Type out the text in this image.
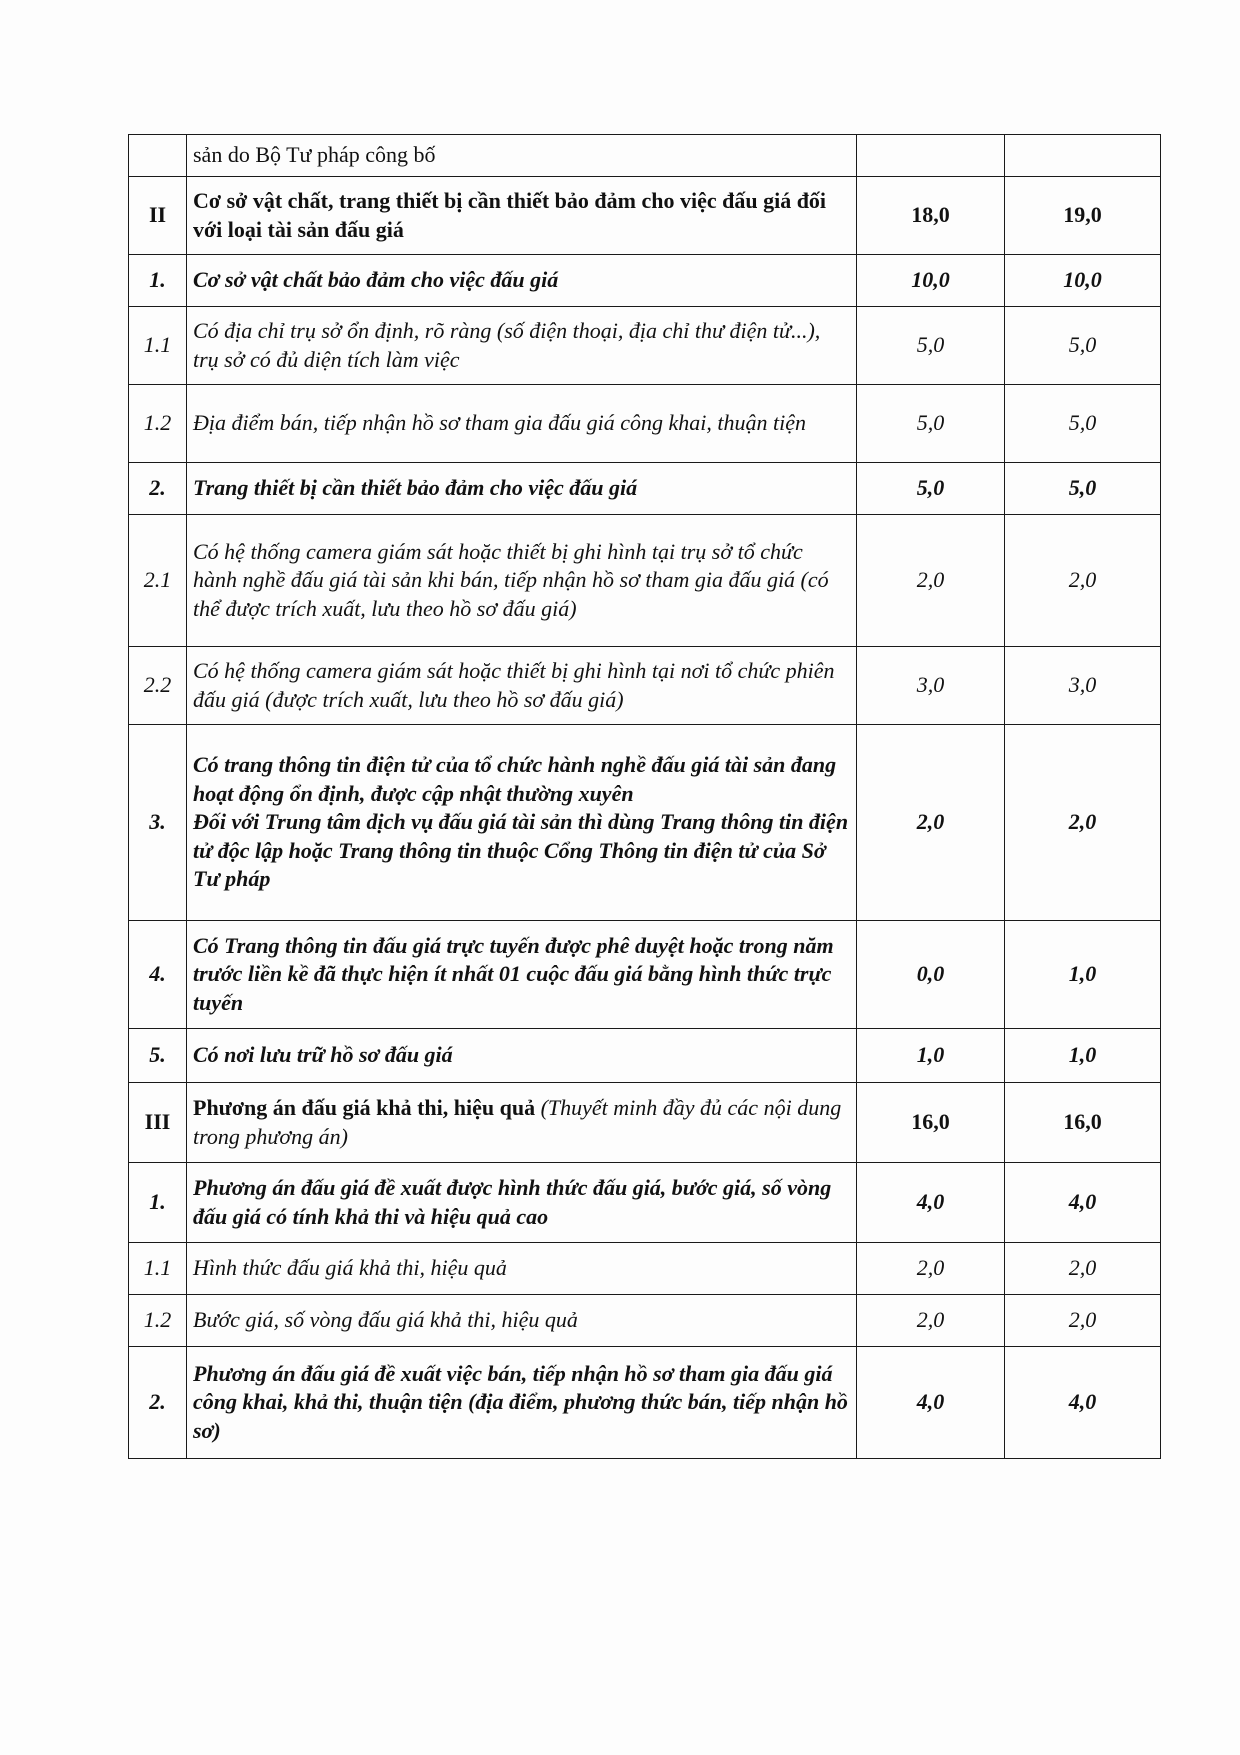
	sản do Bộ Tư pháp công bố		
II	Cơ sở vật chất, trang thiết bị cần thiết bảo đảm cho việc đấu giá đối với loại tài sản đấu giá	18,0	19,0
1.	Cơ sở vật chất bảo đảm cho việc đấu giá	10,0	10,0
1.1	Có địa chỉ trụ sở ổn định, rõ ràng (số điện thoại, địa chỉ thư điện tử...), trụ sở có đủ diện tích làm việc	5,0	5,0
1.2	Địa điểm bán, tiếp nhận hồ sơ tham gia đấu giá công khai, thuận tiện	5,0	5,0
2.	Trang thiết bị cần thiết bảo đảm cho việc đấu giá	5,0	5,0
2.1	Có hệ thống camera giám sát hoặc thiết bị ghi hình tại trụ sở tổ chức hành nghề đấu giá tài sản khi bán, tiếp nhận hồ sơ tham gia đấu giá (có thể được trích xuất, lưu theo hồ sơ đấu giá)	2,0	2,0
2.2	Có hệ thống camera giám sát hoặc thiết bị ghi hình tại nơi tổ chức phiên đấu giá (được trích xuất, lưu theo hồ sơ đấu giá)	3,0	3,0
3.	Có trang thông tin điện tử của tổ chức hành nghề đấu giá tài sản đang hoạt động ổn định, được cập nhật thường xuyên
Đối với Trung tâm dịch vụ đấu giá tài sản thì dùng Trang thông tin điện tử độc lập hoặc Trang thông tin thuộc Cổng Thông tin điện tử của Sở Tư pháp	2,0	2,0
4.	Có Trang thông tin đấu giá trực tuyến được phê duyệt hoặc trong năm trước liền kề đã thực hiện ít nhất 01 cuộc đấu giá bằng hình thức trực tuyến	0,0	1,0
5.	Có nơi lưu trữ hồ sơ đấu giá	1,0	1,0
III	Phương án đấu giá khả thi, hiệu quả (Thuyết minh đầy đủ các nội dung trong phương án)	16,0	16,0
1.	Phương án đấu giá đề xuất được hình thức đấu giá, bước giá, số vòng đấu giá có tính khả thi và hiệu quả cao	4,0	4,0
1.1	Hình thức đấu giá khả thi, hiệu quả	2,0	2,0
1.2	Bước giá, số vòng đấu giá khả thi, hiệu quả	2,0	2,0
2.	Phương án đấu giá đề xuất việc bán, tiếp nhận hồ sơ tham gia đấu giá công khai, khả thi, thuận tiện (địa điểm, phương thức bán, tiếp nhận hồ sơ)	4,0	4,0
